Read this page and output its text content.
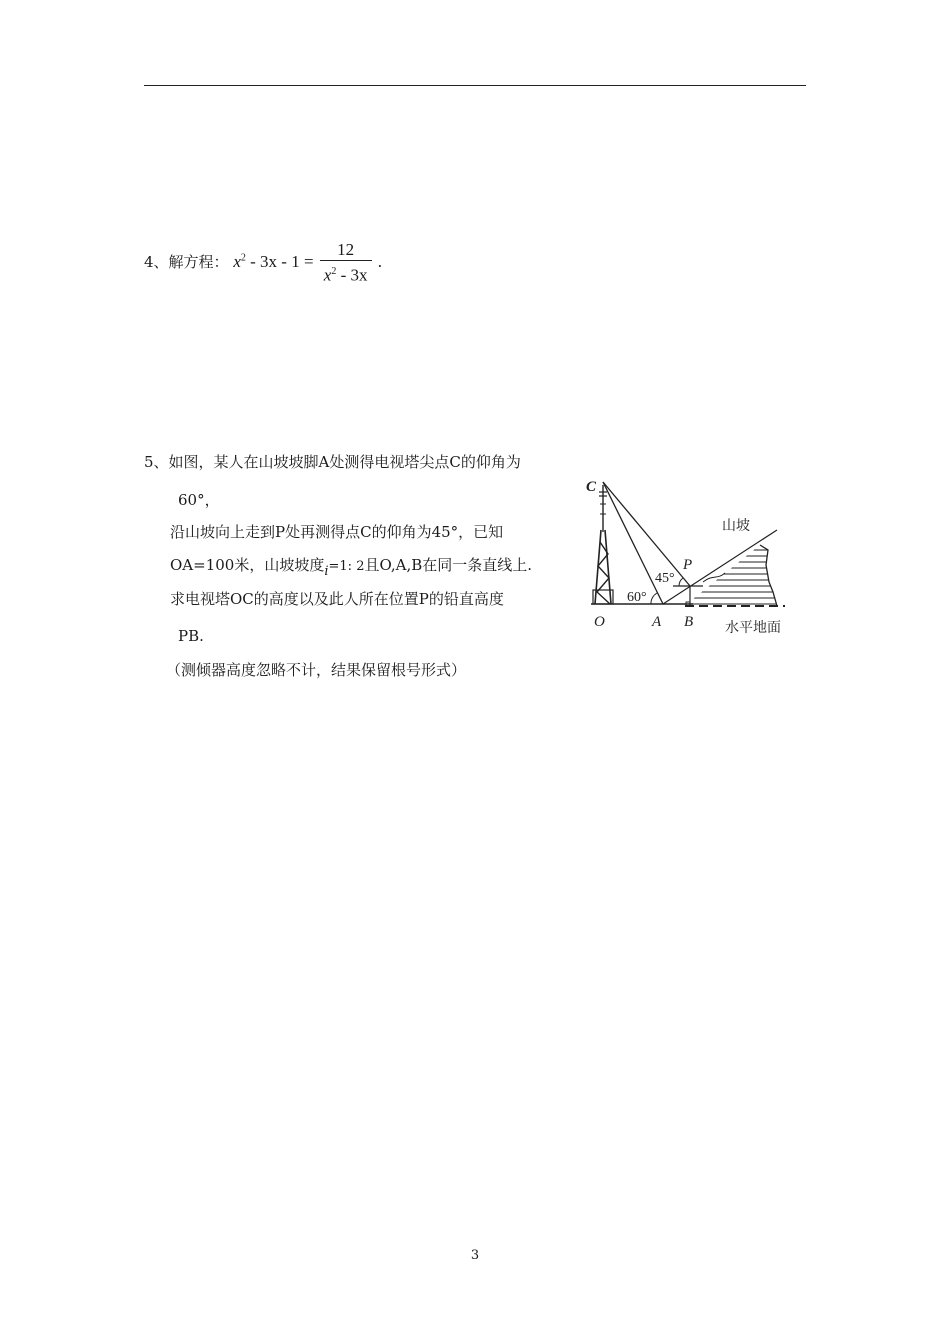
4、解方程： $x^2 - 3x - 1 = \frac{12}{x^2 - 3x}$ .
5、如图，某人在山坡坡脚A处测得电视塔尖点C的仰角为
60°，
沿山坡向上走到P处再测得点C的仰角为45°，已知
OA=100米，山坡坡度i=1: 2且O,A,B在同一条直线上.
求电视塔OC的高度以及此人所在位置P的铅直高度
PB.
（测倾器高度忽略不计，结果保留根号形式）
C
O	A B
P
60°
45°
山坡
水平地面
3
